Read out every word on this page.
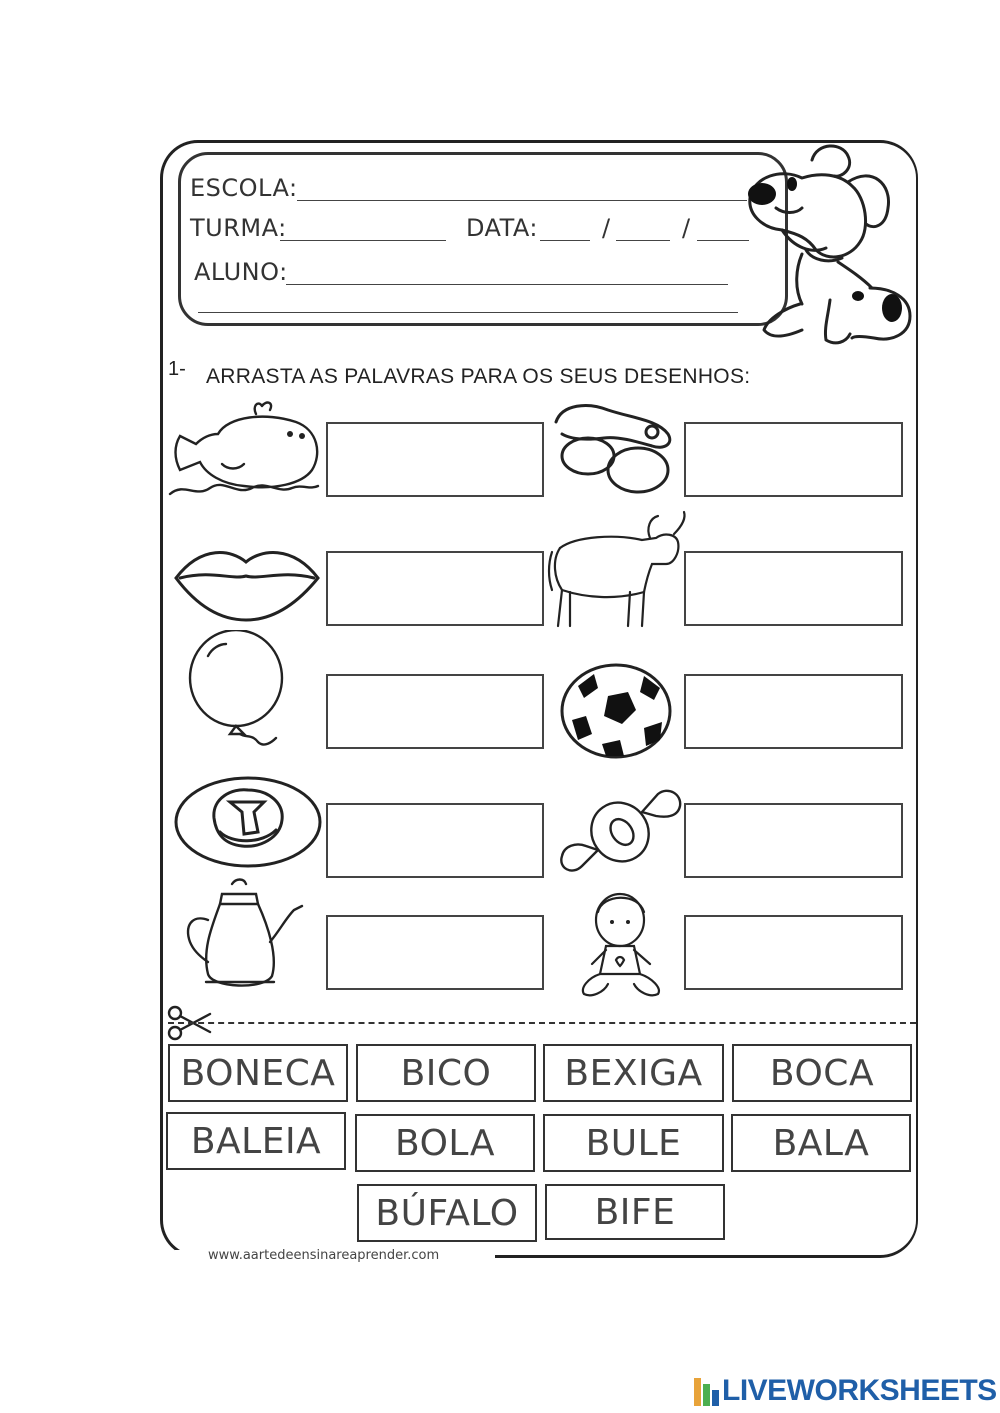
ESCOLA:
TURMA:	DATA:	/	/
ALUNO:
1- ARRASTA AS PALAVRAS PARA OS SEUS DESENHOS:
BONECA	BICO	BEXIGA	BOCA
BALEIA	BOLA	BULE	BALA
BÚFALO	BIFE
www.aartedeensinareaprender.com
LIVEWORKSHEETS
